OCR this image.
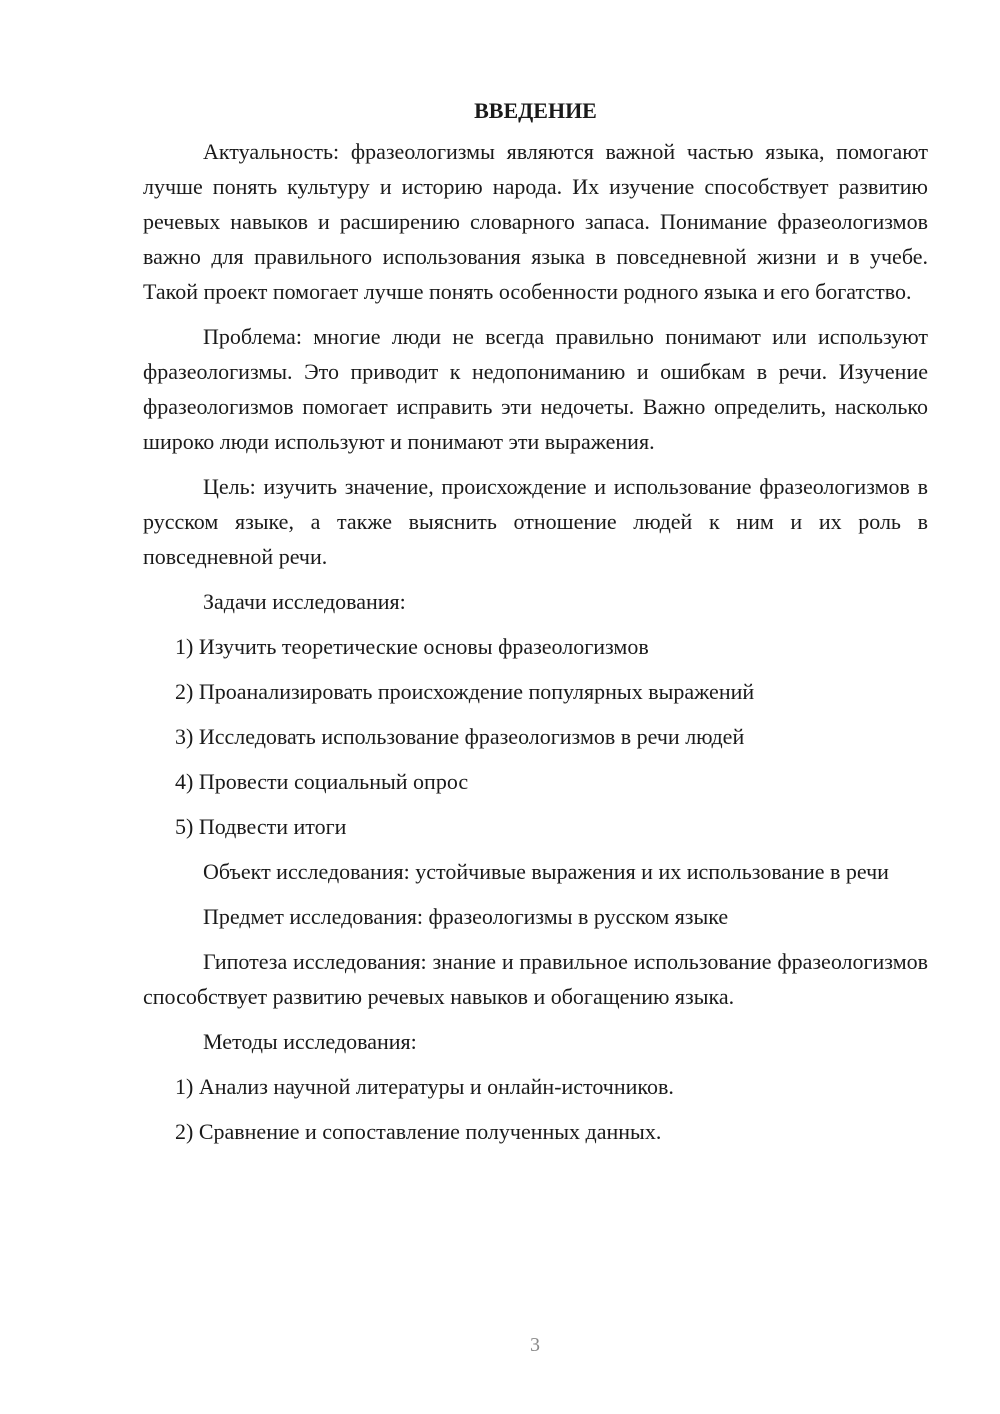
ВВЕДЕНИЕ

Актуальность: фразеологизмы являются важной частью языка, помогают лучше понять культуру и историю народа. Их изучение способствует развитию речевых навыков и расширению словарного запаса. Понимание фразеологизмов важно для правильного использования языка в повседневной жизни и в учебе. Такой проект помогает лучше понять особенности родного языка и его богатство.

Проблема: многие люди не всегда правильно понимают или используют фразеологизмы. Это приводит к недопониманию и ошибкам в речи. Изучение фразеологизмов помогает исправить эти недочеты. Важно определить, насколько широко люди используют и понимают эти выражения.

Цель: изучить значение, происхождение и использование фразеологизмов в русском языке, а также выяснить отношение людей к ним и их роль в повседневной речи.

Задачи исследования:

1) Изучить теоретические основы фразеологизмов

2) Проанализировать происхождение популярных выражений

3) Исследовать использование фразеологизмов в речи людей

4) Провести социальный опрос

5) Подвести итоги

Объект исследования: устойчивые выражения и их использование в речи

Предмет исследования: фразеологизмы в русском языке

Гипотеза исследования: знание и правильное использование фразеологизмов способствует развитию речевых навыков и обогащению языка.

Методы исследования:

1) Анализ научной литературы и онлайн-источников.

2) Сравнение и сопоставление полученных данных.

3
